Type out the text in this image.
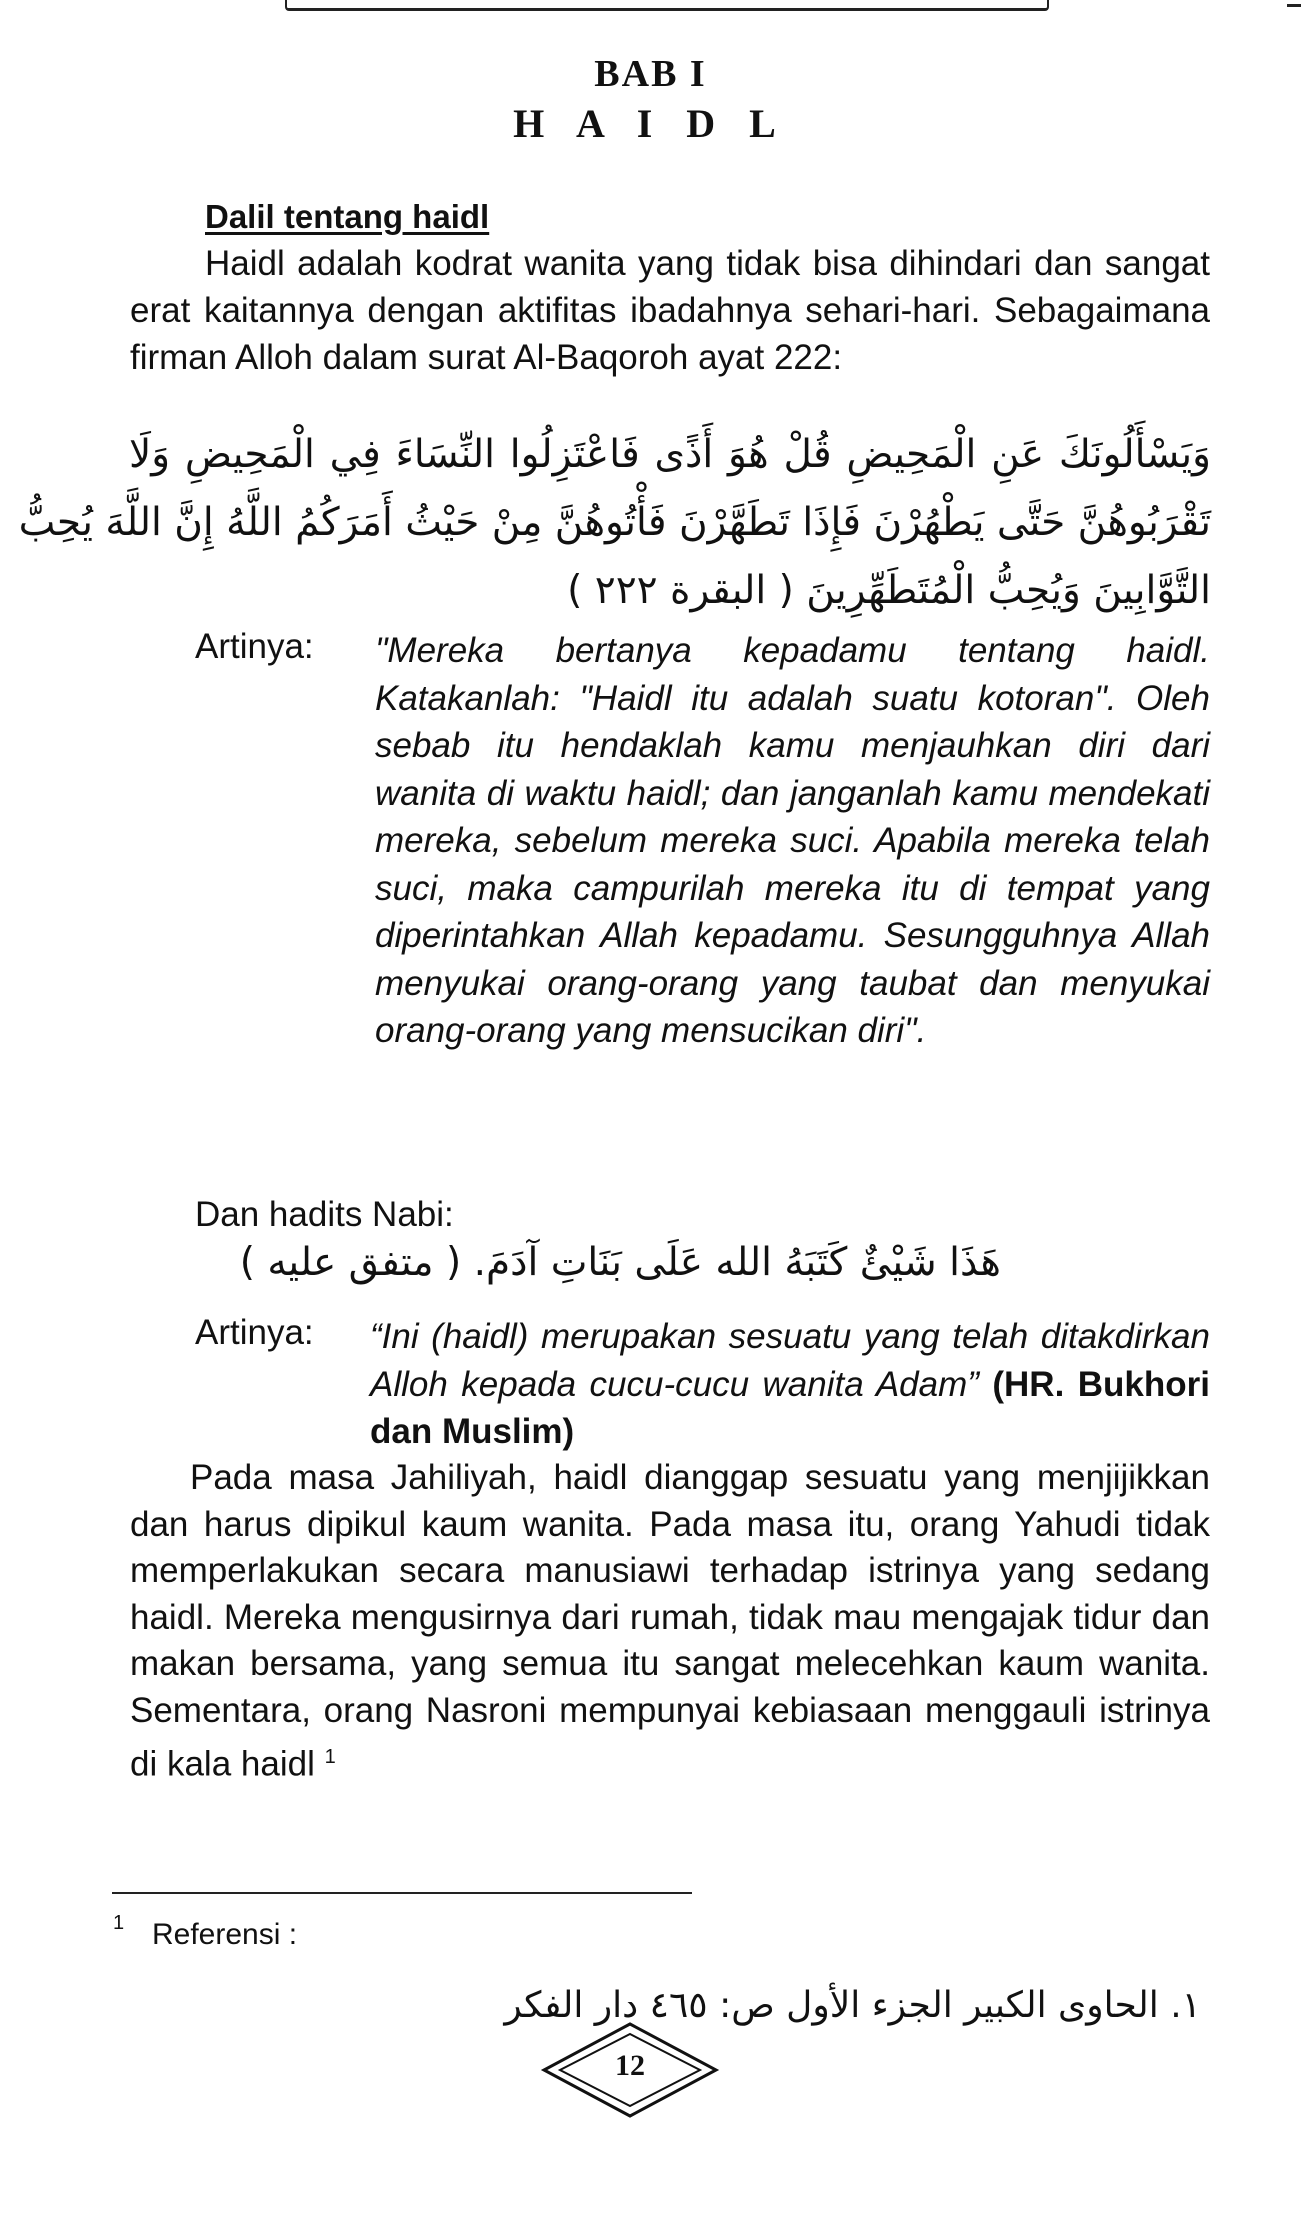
BAB I
H A I D L
Dalil tentang haidl
Haidl adalah kodrat wanita yang tidak bisa dihindari dan sangat erat kaitannya dengan aktifitas ibadahnya sehari-hari. Sebagaimana firman Alloh dalam surat Al-Baqoroh ayat 222:
وَيَسْأَلُونَكَ عَنِ الْمَحِيضِ قُلْ هُوَ أَذًى فَاعْتَزِلُوا النِّسَاءَ فِي الْمَحِيضِ وَلَا
تَقْرَبُوهُنَّ حَتَّى يَطْهُرْنَ فَإِذَا تَطَهَّرْنَ فَأْتُوهُنَّ مِنْ حَيْثُ أَمَرَكُمُ اللَّهُ إِنَّ اللَّهَ يُحِبُّ
التَّوَّابِينَ وَيُحِبُّ الْمُتَطَهِّرِينَ ( البقرة ٢٢٢ )
Artinya: "Mereka bertanya kepadamu tentang haidl. Katakanlah: "Haidl itu adalah suatu kotoran". Oleh sebab itu hendaklah kamu menjauhkan diri dari wanita di waktu haidl; dan janganlah kamu mendekati mereka, sebelum mereka suci. Apabila mereka telah suci, maka campurilah mereka itu di tempat yang diperintahkan Allah kepadamu. Sesungguhnya Allah menyukai orang-orang yang taubat dan menyukai orang-orang yang mensucikan diri".
Dan hadits Nabi:
هَذَا شَيْئٌ كَتَبَهُ الله عَلَى بَنَاتِ آدَمَ. ( متفق عليه )
Artinya: “Ini (haidl) merupakan sesuatu yang telah ditakdirkan Alloh kepada cucu-cucu wanita Adam” (HR. Bukhori dan Muslim)
Pada masa Jahiliyah, haidl dianggap sesuatu yang menjijikkan dan harus dipikul kaum wanita. Pada masa itu, orang Yahudi tidak memperlakukan secara manusiawi terhadap istrinya yang sedang haidl. Mereka mengusirnya dari rumah, tidak mau mengajak tidur dan makan bersama, yang semua itu sangat melecehkan kaum wanita. Sementara, orang Nasroni mempunyai kebiasaan menggauli istrinya di kala haidl $^1$
1 Referensi :
١. الحاوى الكبير الجزء الأول ص: ٤٦٥ دار الفكر
12
